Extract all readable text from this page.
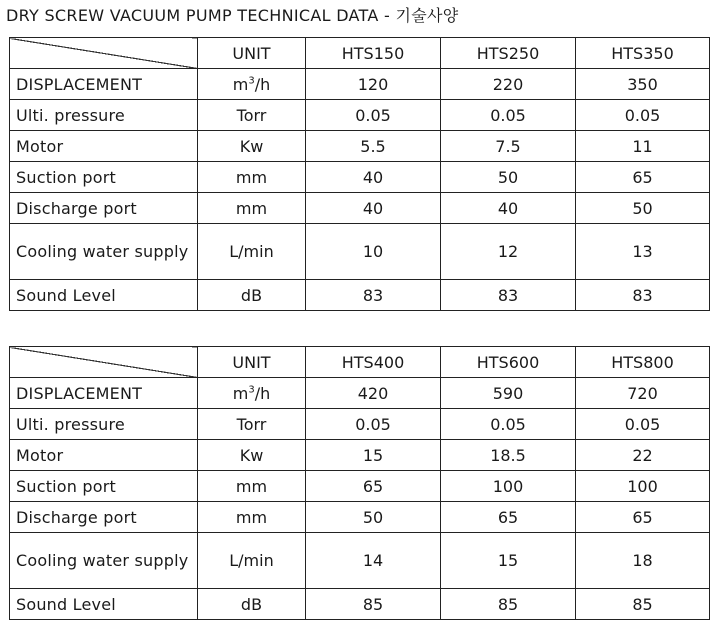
DRY SCREW VACUUM PUMP TECHNICAL DATA - 기술사양
	UNIT	HTS150	HTS250	HTS350
DISPLACEMENT	$m^3/h$	120	220	350
Ulti. pressure	Torr	0.05	0.05	0.05
Motor	Kw	5.5	7.5	11
Suction port	mm	40	50	65
Discharge port	mm	40	40	50
Cooling water supply	L/min	10	12	13
Sound Level	dB	83	83	83
	UNIT	HTS400	HTS600	HTS800
DISPLACEMENT	$m^3/h$	420	590	720
Ulti. pressure	Torr	0.05	0.05	0.05
Motor	Kw	15	18.5	22
Suction port	mm	65	100	100
Discharge port	mm	50	65	65
Cooling water supply	L/min	14	15	18
Sound Level	dB	85	85	85
